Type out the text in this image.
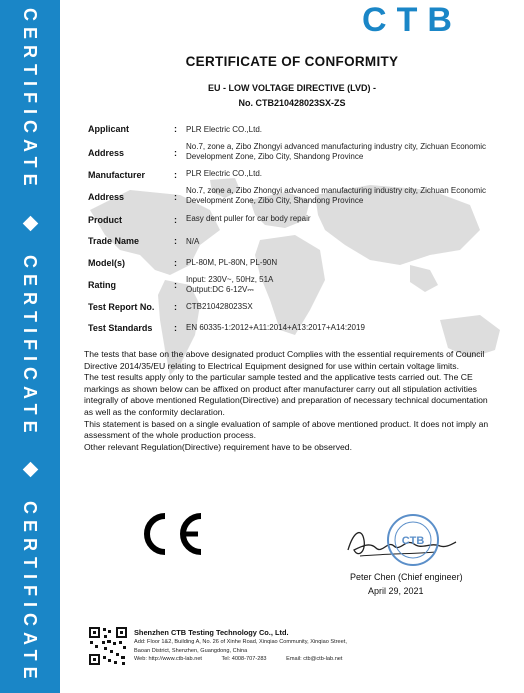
CERTIFICATE
CERTIFICATE
CERTIFICATE
CTB
CERTIFICATE OF CONFORMITY
EU - LOW VOLTAGE DIRECTIVE (LVD) -
No. CTB210428023SX-ZS
Applicant	: PLR Electric CO.,Ltd.
Address	:
No.7, zone a, Zibo Zhongyi advanced manufacturing industry city, Zichuan Economic Development Zone, Zibo City, Shandong Province
Manufacturer	: PLR Electric CO.,Ltd.
Address	:
No.7, zone a, Zibo Zhongyi advanced manufacturing industry city, Zichuan Economic Development Zone, Zibo City, Shandong Province
Product	: Easy dent puller for car body repair
Trade Name	: N/A
Model(s)	: PL-80M, PL-80N, PL-90N
Rating	:
Input: 230V~, 50Hz, 51A
Output:DC 6-12V⎓
Test Report No.	: CTB210428023SX
Test Standards	: EN 60335-1:2012+A11:2014+A13:2017+A14:2019

The tests that base on the above designated product Complies with the essential requirements of Council Directive 2014/35/EU relating to Electrical Equipment designed for use within certain voltage limits.

The test results apply only to the particular sample tested and the applicative tests carried out. The CE markings as shown below can be affixed on product after manufacturer carry out all stipulation activities integrally of above mentioned Regulation(Directive) and preparation of necessary technical documentation as well as the conformity declaration.

This statement is based on a single evaluation of sample of above mentioned product. It does not imply an assessment of the whole production process.

Other relevant Regulation(Directive) requirement have to be observed.

CTB
Peter Chen (Chief engineer)
April 29, 2021
Shenzhen CTB Testing Technology Co., Ltd.
Add: Floor 1&2, Building A, No. 26 of Xinhe Road, Xinqiao Community, Xinqiao Street,
Baoan District, Shenzhen, Guangdong, China
Web: http://www.ctb-lab.net	Tel: 4008-707-283	Email: ctb@ctb-lab.net
